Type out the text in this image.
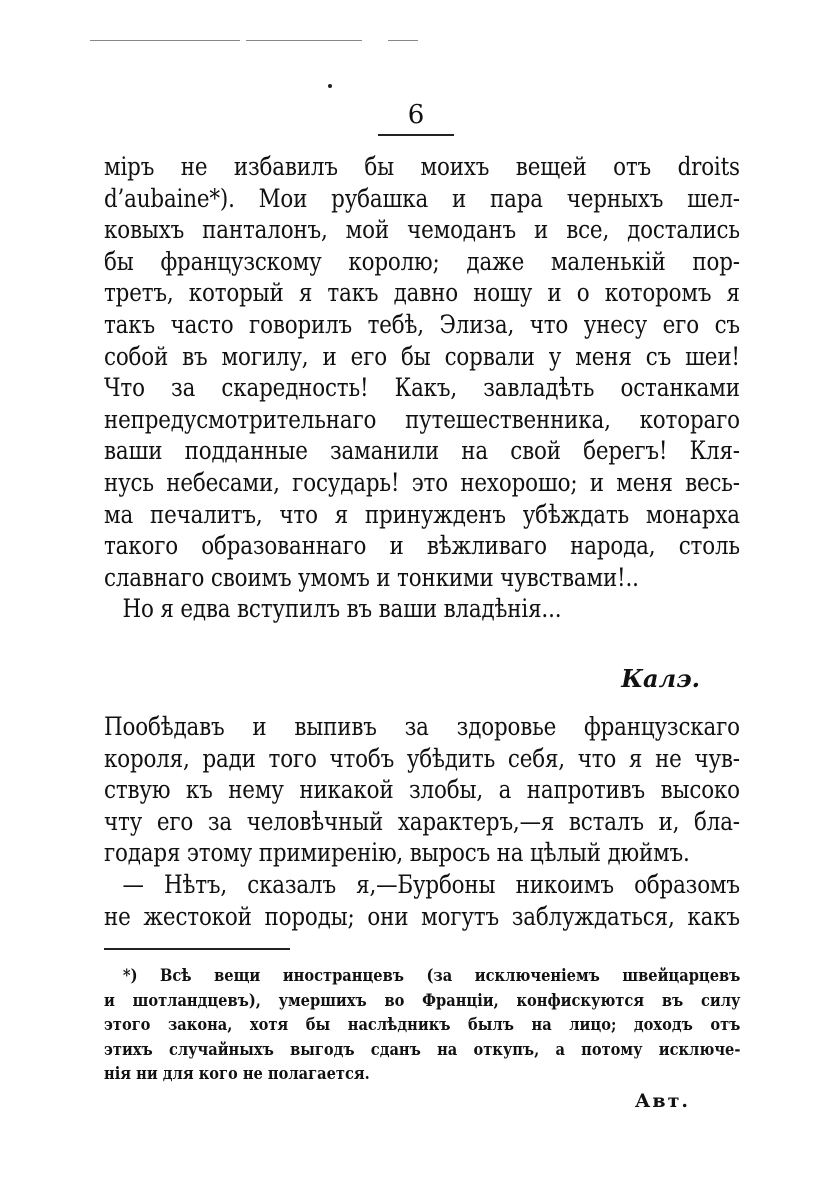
6
міръ не избавилъ бы моихъ вещей отъ droits
d’aubaine*). Мои рубашка и пара черныхъ шел-
ковыхъ панталонъ, мой чемоданъ и все, достались
бы французскому королю; даже маленькій пор-
третъ, который я такъ давно ношу и о которомъ я
такъ часто говорилъ тебѣ, Элиза, что унесу его съ
собой въ могилу, и его бы сорвали у меня съ шеи!
Что за скаредность! Какъ, завладѣть останками
непредусмотрительнаго путешественника, котораго
ваши подданные заманили на свой берегъ! Кля-
нусь небесами, государь! это нехорошо; и меня весь-
ма печалитъ, что я принужденъ убѣждать монарха
такого образованнаго и вѣжливаго народа, столь
славнаго своимъ умомъ и тонкими чувствами!..
Но я едва вступилъ въ ваши владѣнія...
Калэ.
Пообѣдавъ и выпивъ за здоровье французскаго
короля, ради того чтобъ убѣдить себя, что я не чув-
ствую къ нему никакой злобы, а напротивъ высоко
чту его за человѣчный характеръ,—я всталъ и, бла-
годаря этому примиренію, выросъ на цѣлый дюймъ.
— Нѣтъ, сказалъ я,—Бурбоны никоимъ образомъ
не жестокой породы; они могутъ заблуждаться, какъ
*) Всѣ вещи иностранцевъ (за исключеніемъ швейцарцевъ
и шотландцевъ), умершихъ во Франціи, конфискуются въ силу
этого закона, хотя бы наслѣдникъ былъ на лицо; доходъ отъ
этихъ случайныхъ выгодъ сданъ на откупъ, а потому исключе-
нія ни для кого не полагается.
Авт.
